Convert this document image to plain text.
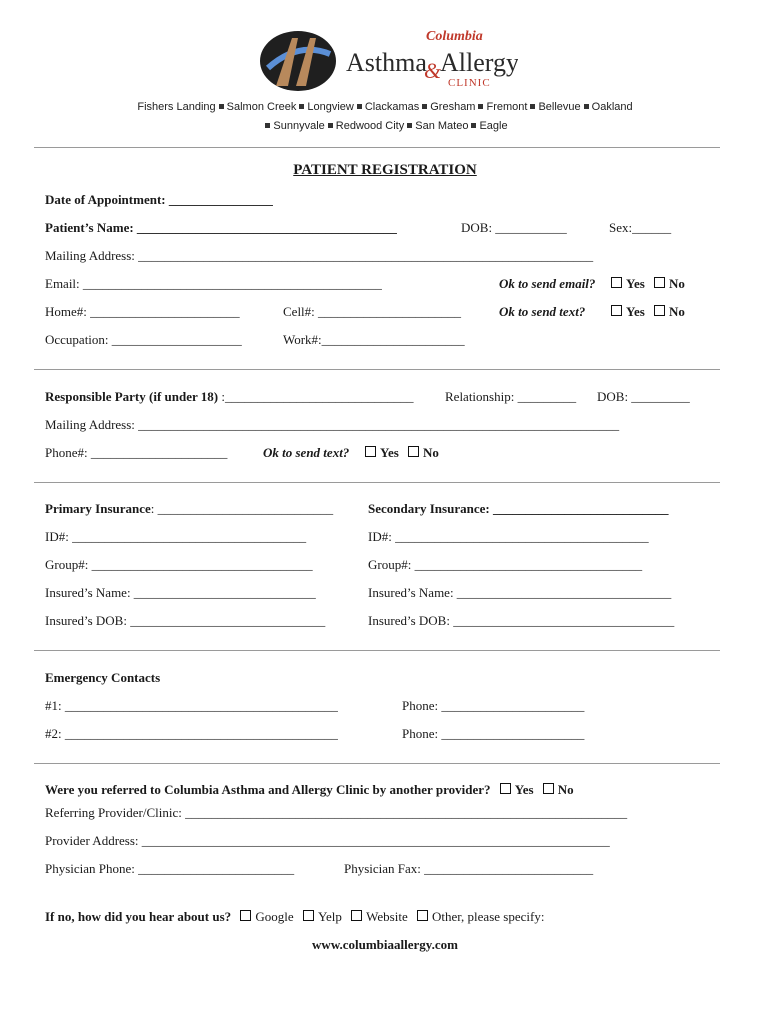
Columbia
Asthma
&
Allergy
CLINIC
Fishers Landing Salmon Creek Longview Clackamas Gresham Fremont Bellevue Oakland
Sunnyvale Redwood City San Mateo Eagle
PATIENT REGISTRATION
Date of Appointment: ________________
Patient’s Name: ________________________________________	DOB: ___________	Sex:______
Mailing Address: ______________________________________________________________________
Email: ______________________________________________	Ok to send email?	Yes No
Home#: _______________________	Cell#: ______________________	Ok to send text?	Yes No
Occupation: ____________________	Work#:______________________
Responsible Party (if under 18) :_____________________________ Relationship: _________ DOB: _________
Mailing Address: __________________________________________________________________________
Phone#: _____________________	Ok to send text?	Yes No
Primary Insurance: ___________________________	Secondary Insurance: ___________________________
ID#: ____________________________________	ID#: _______________________________________
Group#: __________________________________	Group#: ___________________________________
Insured’s Name: ____________________________	Insured’s Name: _________________________________
Insured’s DOB: ______________________________	Insured’s DOB: __________________________________
Emergency Contacts
#1: __________________________________________	Phone: ______________________
#2: __________________________________________	Phone: ______________________
Were you referred to Columbia Asthma and Allergy Clinic by another provider? Yes No
Referring Provider/Clinic: ____________________________________________________________________
Provider Address: ________________________________________________________________________
Physician Phone: ________________________	Physician Fax: __________________________
If no, how did you hear about us? Google Yelp Website Other, please specify:
www.columbiaallergy.com
